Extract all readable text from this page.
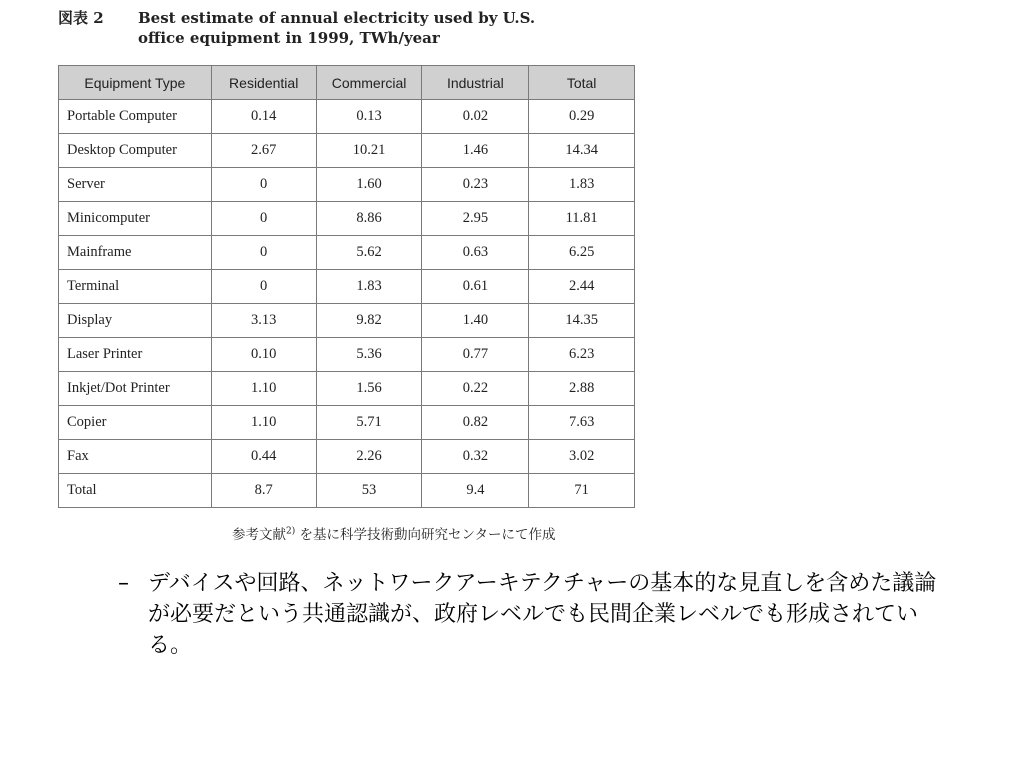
図表 2 Best estimate of annual electricity used by U.S.
office equipment in 1999, TWh/year
Equipment Type	Residential	Commercial	Industrial	Total
Portable Computer	0.14	0.13	0.02	0.29
Desktop Computer	2.67	10.21	1.46	14.34
Server	0	1.60	0.23	1.83
Minicomputer	0	8.86	2.95	11.81
Mainframe	0	5.62	0.63	6.25
Terminal	0	1.83	0.61	2.44
Display	3.13	9.82	1.40	14.35
Laser Printer	0.10	5.36	0.77	6.23
Inkjet/Dot Printer	1.10	1.56	0.22	2.88
Copier	1.10	5.71	0.82	7.63
Fax	0.44	2.26	0.32	3.02
Total	8.7	53	9.4	71
参考文献$^{2)}$ を基に科学技術動向研究センターにて作成
– デバイスや回路、ネットワークアーキテクチャーの基本的な見直しを含めた議論が必要だという共通認識が、政府レベルでも民間企業レベルでも形成されている。
